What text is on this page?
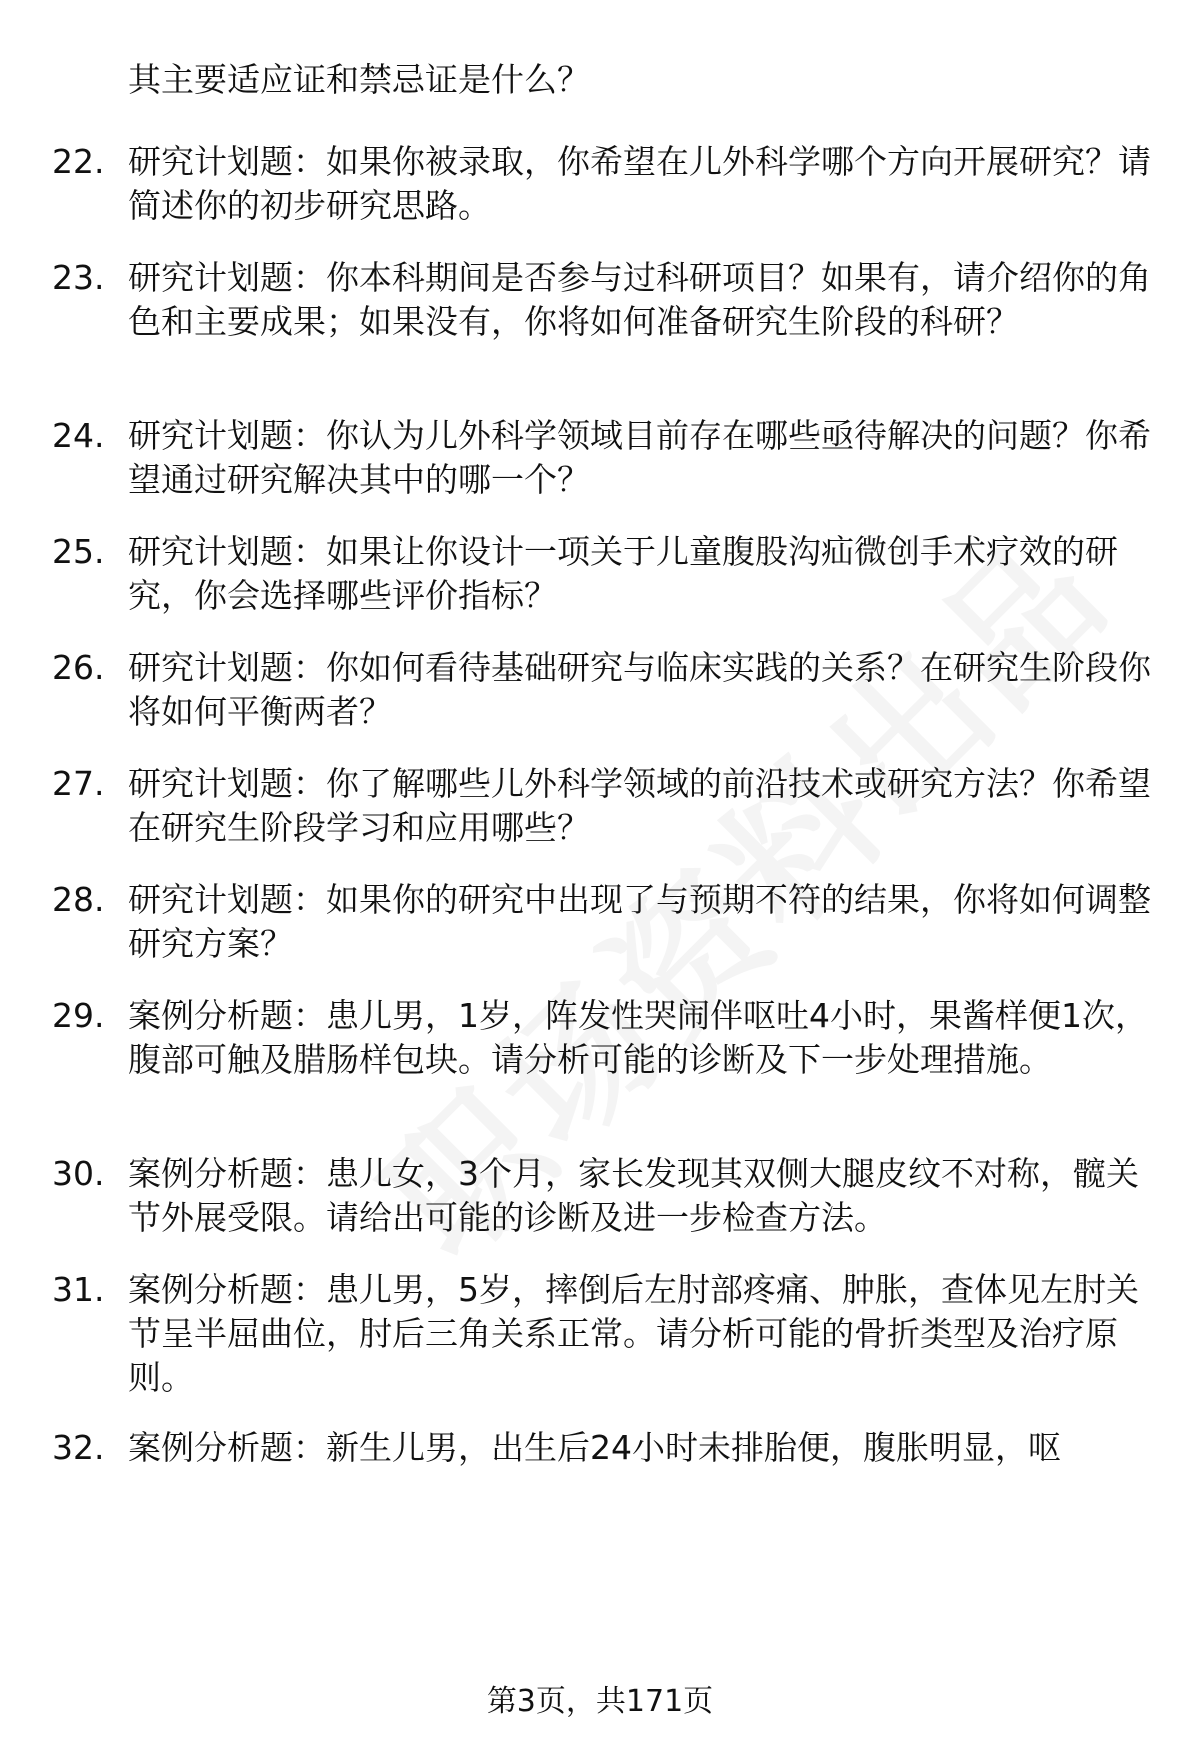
其主要适应证和禁忌证是什么？

22. 研究计划题：如果你被录取，你希望在儿外科学哪个方向开展研究？请简述你的初步研究思路。

23. 研究计划题：你本科期间是否参与过科研项目？如果有，请介绍你的角色和主要成果；如果没有，你将如何准备研究生阶段的科研？

24. 研究计划题：你认为儿外科学领域目前存在哪些亟待解决的问题？你希望通过研究解决其中的哪一个？

25. 研究计划题：如果让你设计一项关于儿童腹股沟疝微创手术疗效的研究，你会选择哪些评价指标？

26. 研究计划题：你如何看待基础研究与临床实践的关系？在研究生阶段你将如何平衡两者？

27. 研究计划题：你了解哪些儿外科学领域的前沿技术或研究方法？你希望在研究生阶段学习和应用哪些？

28. 研究计划题：如果你的研究中出现了与预期不符的结果，你将如何调整研究方案？

29. 案例分析题：患儿男，1岁，阵发性哭闹伴呕吐4小时，果酱样便1次，腹部可触及腊肠样包块。请分析可能的诊断及下一步处理措施。

30. 案例分析题：患儿女，3个月，家长发现其双侧大腿皮纹不对称，髋关节外展受限。请给出可能的诊断及进一步检查方法。

31. 案例分析题：患儿男，5岁，摔倒后左肘部疼痛、肿胀，查体见左肘关节呈半屈曲位，肘后三角关系正常。请分析可能的骨折类型及治疗原则。

32. 案例分析题：新生儿男，出生后24小时未排胎便，腹胀明显，呕

第3页，共171页
